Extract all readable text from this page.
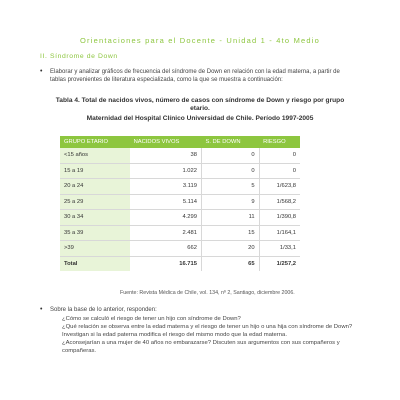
Orientaciones para el Docente - Unidad 1 - 4to Medio
II. Síndrome de Down
• Elaborar y analizar gráficos de frecuencia del síndrome de Down en relación con la edad materna, a partir de tablas provenientes de literatura especializada, como la que se muestra a continuación:
Tabla 4. Total de nacidos vivos, número de casos con síndrome de Down y riesgo por grupo etario.
Maternidad del Hospital Clínico Universidad de Chile. Período 1997-2005
GRUPO ETARIO	NACIDOS VIVOS	S. DE DOWN	RIESGO
<15 años	38	0	0
15 a 19	1.022	0	0
20 a 24	3.119	5	1/623,8
25 a 29	5.114	9	1/568,2
30 a 34	4.299	11	1/390,8
35 a 39	2.481	15	1/164,1
>39	662	20	1/33,1
Total	16.715	65	1/257,2
Fuente: Revista Médica de Chile, vol. 134, nº 2, Santiago, diciembre 2006.
• Sobre la base de lo anterior, responden:
¿Cómo se calculó el riesgo de tener un hijo con síndrome de Down?
¿Qué relación se observa entre la edad materna y el riesgo de tener un hijo o una hija con síndrome de Down?
Investigan si la edad paterna modifica el riesgo del mismo modo que la edad materna.
¿Aconsejarían a una mujer de 40 años no embarazarse? Discuten sus argumentos con sus compañeros y compañeras.
